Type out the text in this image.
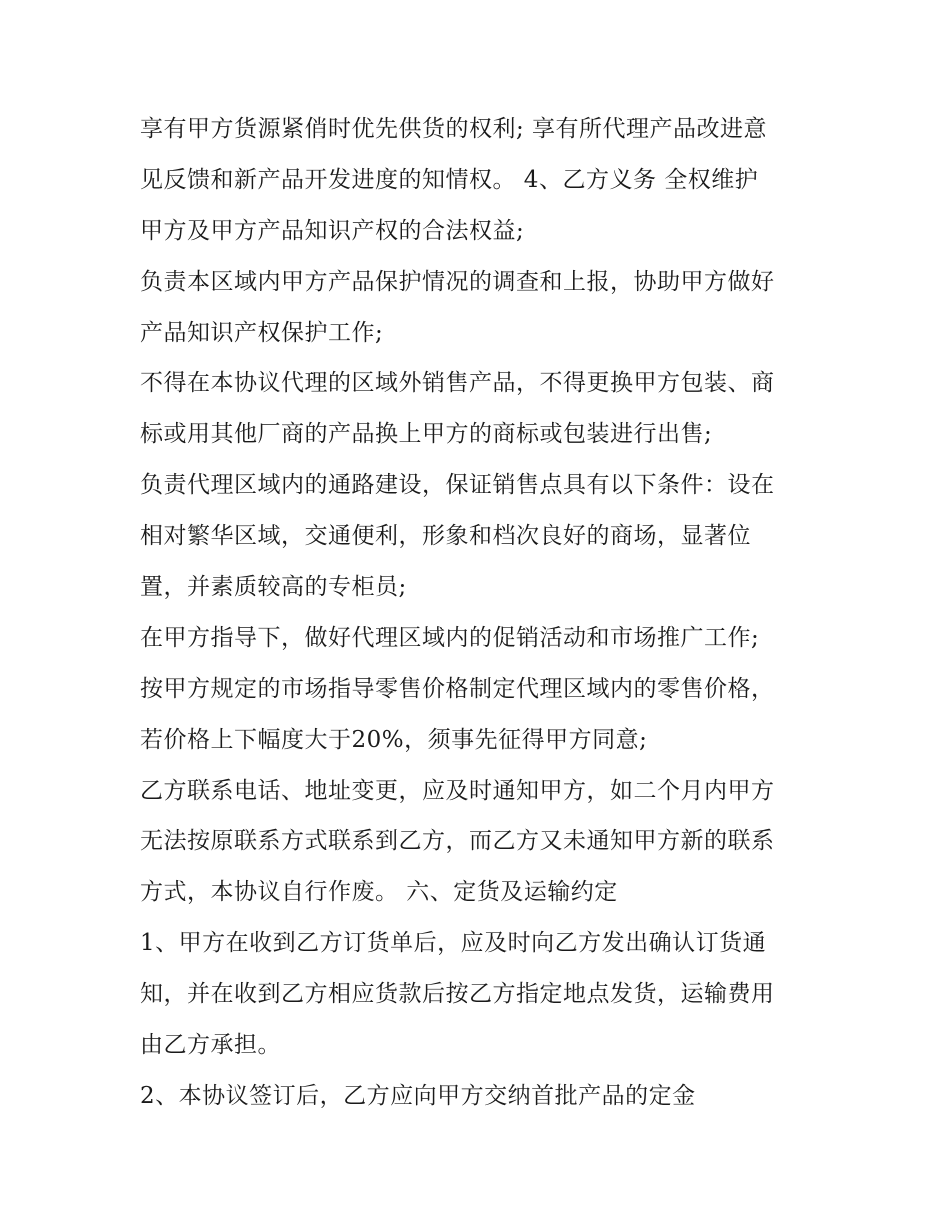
享有甲方货源紧俏时优先供货的权利; 享有所代理产品改进意
见反馈和新产品开发进度的知情权。 4、乙方义务 全权维护
甲方及甲方产品知识产权的合法权益;
负责本区域内甲方产品保护情况的调查和上报，协助甲方做好
产品知识产权保护工作;
不得在本协议代理的区域外销售产品，不得更换甲方包装、商
标或用其他厂商的产品换上甲方的商标或包装进行出售;
负责代理区域内的通路建设，保证销售点具有以下条件：设在
相对繁华区域，交通便利，形象和档次良好的商场，显著位
置，并素质较高的专柜员;
在甲方指导下，做好代理区域内的促销活动和市场推广工作;
按甲方规定的市场指导零售价格制定代理区域内的零售价格，
若价格上下幅度大于20%，须事先征得甲方同意;
乙方联系电话、地址变更，应及时通知甲方，如二个月内甲方
无法按原联系方式联系到乙方，而乙方又未通知甲方新的联系
方式，本协议自行作废。 六、定货及运输约定
1、甲方在收到乙方订货单后，应及时向乙方发出确认订货通
知，并在收到乙方相应货款后按乙方指定地点发货，运输费用
由乙方承担。
2、本协议签订后，乙方应向甲方交纳首批产品的定金
